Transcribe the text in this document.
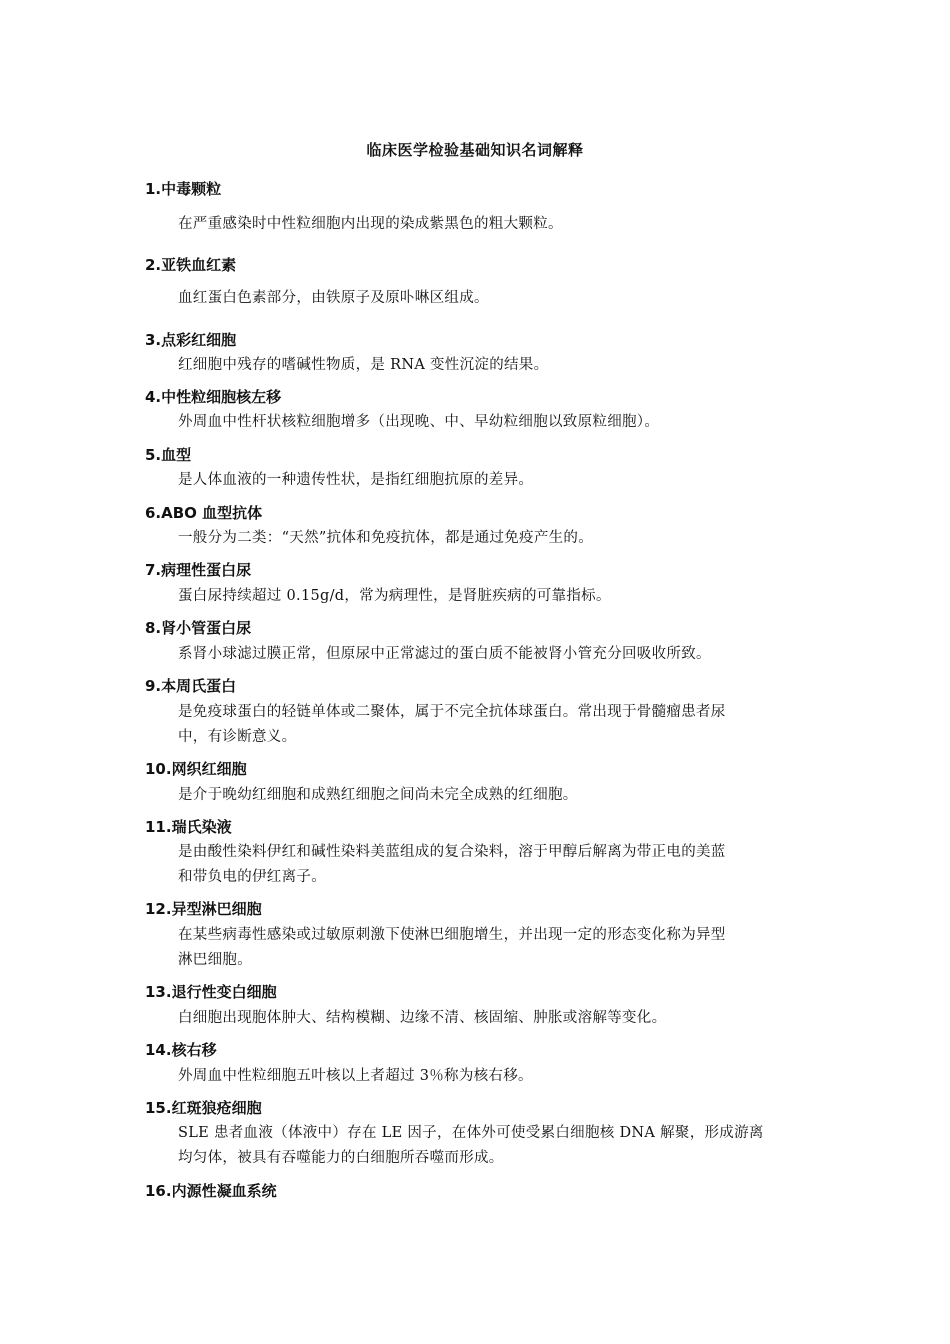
临床医学检验基础知识名词解释
1.中毒颗粒
在严重感染时中性粒细胞内出现的染成紫黑色的粗大颗粒。
2.亚铁血红素
血红蛋白色素部分，由铁原子及原卟啉区组成。
3.点彩红细胞
红细胞中残存的嗜碱性物质，是 RNA 变性沉淀的结果。
4.中性粒细胞核左移
外周血中性杆状核粒细胞增多（出现晚、中、早幼粒细胞以致原粒细胞）。
5.血型
是人体血液的一种遗传性状，是指红细胞抗原的差异。
6.ABO 血型抗体
一般分为二类：“天然”抗体和免疫抗体，都是通过免疫产生的。
7.病理性蛋白尿
蛋白尿持续超过 0.15g/d，常为病理性，是肾脏疾病的可靠指标。
8.肾小管蛋白尿
系肾小球滤过膜正常，但原尿中正常滤过的蛋白质不能被肾小管充分回吸收所致。
9.本周氏蛋白
是免疫球蛋白的轻链单体或二聚体，属于不完全抗体球蛋白。常出现于骨髓瘤患者尿
中，有诊断意义。
10.网织红细胞
是介于晚幼红细胞和成熟红细胞之间尚未完全成熟的红细胞。
11.瑞氏染液
是由酸性染料伊红和碱性染料美蓝组成的复合染料，溶于甲醇后解离为带正电的美蓝
和带负电的伊红离子。
12.异型淋巴细胞
在某些病毒性感染或过敏原刺激下使淋巴细胞增生，并出现一定的形态变化称为异型
淋巴细胞。
13.退行性变白细胞
白细胞出现胞体肿大、结构模糊、边缘不清、核固缩、肿胀或溶解等变化。
14.核右移
外周血中性粒细胞五叶核以上者超过 3％称为核右移。
15.红斑狼疮细胞
SLE 患者血液（体液中）存在 LE 因子，在体外可使受累白细胞核 DNA 解聚，形成游离
均匀体，被具有吞噬能力的白细胞所吞噬而形成。
16.内源性凝血系统
